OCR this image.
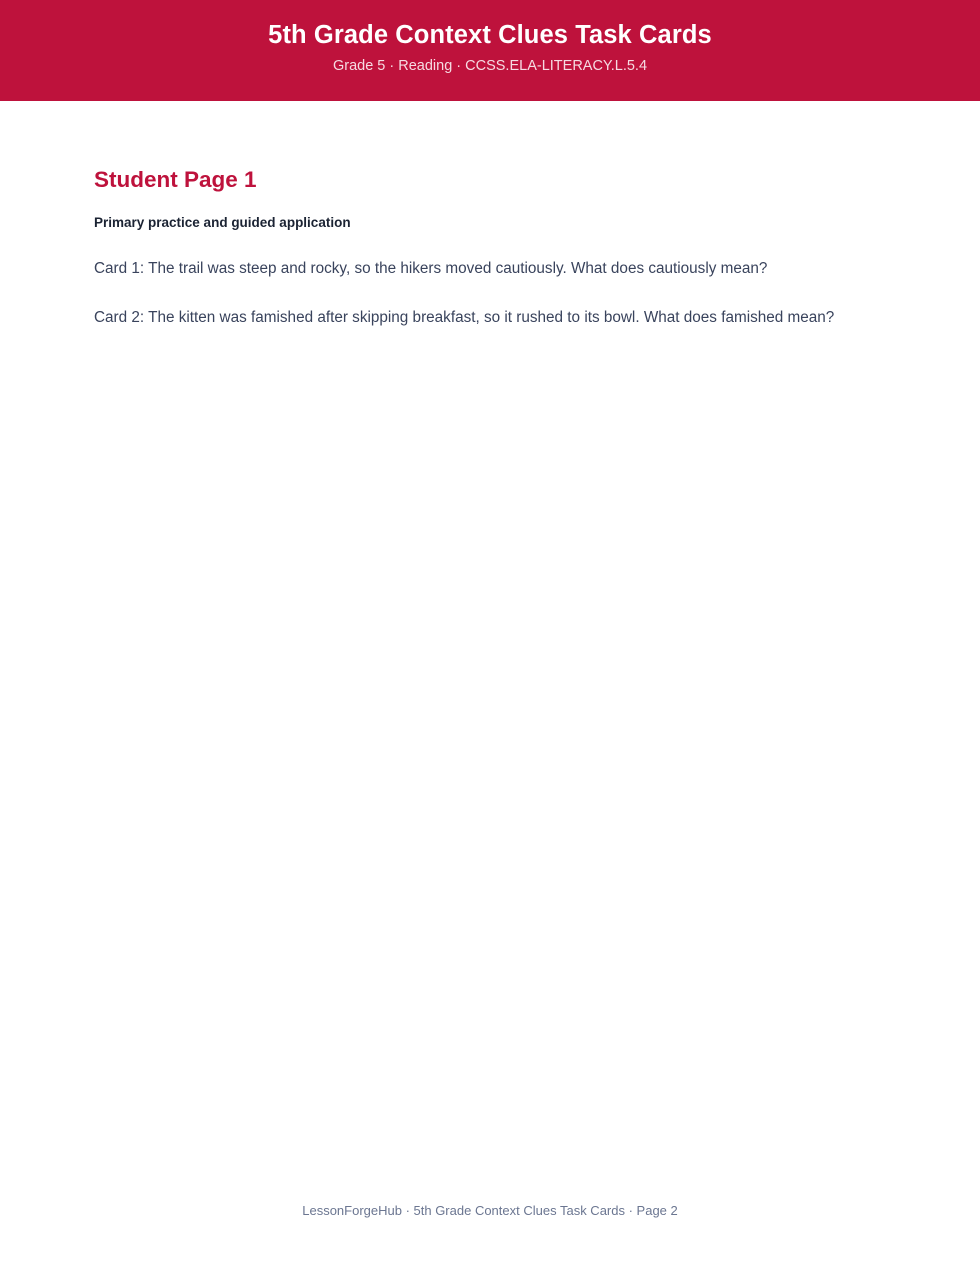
5th Grade Context Clues Task Cards

Grade 5 · Reading · CCSS.ELA-LITERACY.L.5.4

Student Page 1

Primary practice and guided application

Card 1: The trail was steep and rocky, so the hikers moved cautiously. What does cautiously mean?

Card 2: The kitten was famished after skipping breakfast, so it rushed to its bowl. What does famished mean?

LessonForgeHub · 5th Grade Context Clues Task Cards · Page 2
